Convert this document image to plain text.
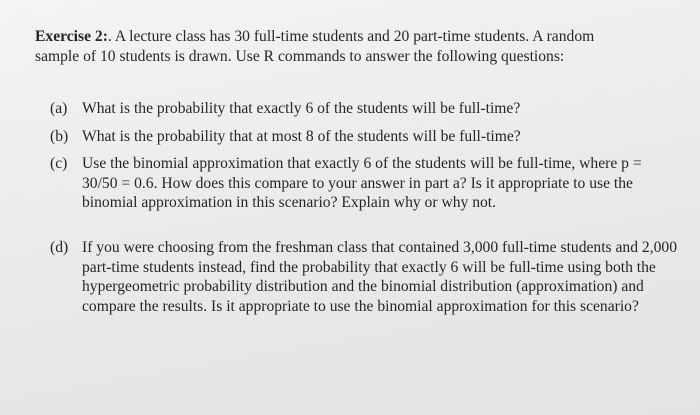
Exercise 2:. A lecture class has 30 full-time students and 20 part-time students. A random sample of 10 students is drawn. Use R commands to answer the following questions:
(a) What is the probability that exactly 6 of the students will be full-time?
(b) What is the probability that at most 8 of the students will be full-time?
(c) Use the binomial approximation that exactly 6 of the students will be full-time, where p = 30/50 = 0.6. How does this compare to your answer in part a? Is it appropriate to use the binomial approximation in this scenario? Explain why or why not.
(d) If you were choosing from the freshman class that contained 3,000 full-time students and 2,000 part-time students instead, find the probability that exactly 6 will be full-time using both the hypergeometric probability distribution and the binomial distribution (approximation) and compare the results. Is it appropriate to use the binomial approximation for this scenario?
